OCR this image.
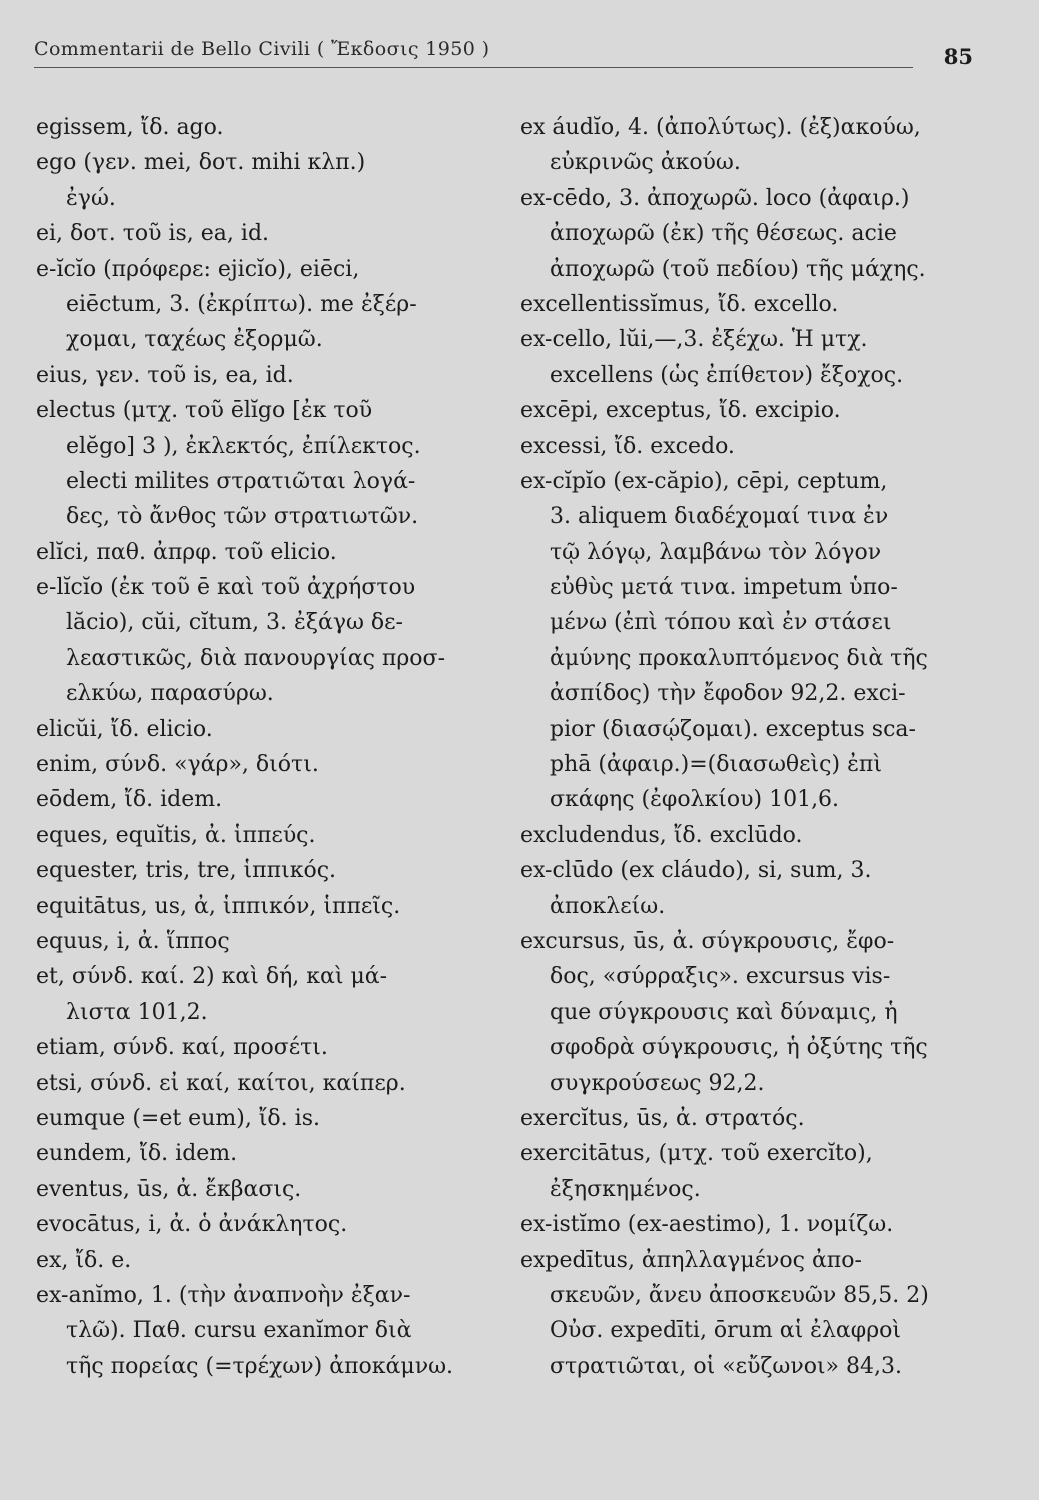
Commentarii de Bello Civili ( Ἔκδοσις 1950 )	85
egissem, ἴδ. ago.
ego (γεν. mei, δοτ. mihi κλπ.)
ἐγώ.
ei, δοτ. τοῦ is, ea, id.
e-ĭcĭo (πρόφερε: ejicĭo), eiēci,
eiēctum, 3. (ἐκρίπτω). me ἐξέρ-
χομαι, ταχέως ἐξορμῶ.
eius, γεν. τοῦ is, ea, id.
electus (μτχ. τοῦ ēlĭgo [ἐκ τοῦ
elĕgo] 3 ), ἐκλεκτός, ἐπίλεκτος.
electi milites στρατιῶται λογά-
δες, τὸ ἄνθος τῶν στρατιωτῶν.
elĭci, παθ. ἀπρφ. τοῦ elicio.
e-lĭcĭo (ἐκ τοῦ ē καὶ τοῦ ἀχρήστου
lăcio), cŭi, cĭtum, 3. ἐξάγω δε-
λεαστικῶς, διὰ πανουργίας προσ-
ελκύω, παρασύρω.
elicŭi, ἴδ. elicio.
enim, σύνδ. «γάρ», διότι.
eōdem, ἴδ. idem.
eques, equĭtis, ἀ. ἱππεύς.
equester, tris, tre, ἱππικός.
equitātus, us, ἀ, ἱππικόν, ἱππεῖς.
equus, i, ἀ. ἵππος
et, σύνδ. καί. 2) καὶ δή, καὶ μά-
λιστα 101,2.
etiam, σύνδ. καί, προσέτι.
etsi, σύνδ. εἰ καί, καίτοι, καίπερ.
eumque (=et eum), ἴδ. is.
eundem, ἴδ. idem.
eventus, ūs, ἀ. ἔκβασις.
evocātus, i, ἀ. ὁ ἀνάκλητος.
ex, ἴδ. e.
ex-anĭmo, 1. (τὴν ἀναπνοὴν ἐξαν-
τλῶ). Παθ. cursu exanĭmor διὰ
τῆς πορείας (=τρέχων) ἀποκάμνω.
ex áudĭo, 4. (ἀπολύτως). (ἐξ)ακούω,
εὐκρινῶς ἀκούω.
ex-cēdo, 3. ἀποχωρῶ. loco (ἀφαιρ.)
ἀποχωρῶ (ἐκ) τῆς θέσεως. acie
ἀποχωρῶ (τοῦ πεδίου) τῆς μάχης.
excellentissĭmus, ἴδ. excello.
ex-cello, lŭi,—,3. ἐξέχω. Ἡ μτχ.
excellens (ὡς ἐπίθετον) ἔξοχος.
excēpi, exceptus, ἴδ. excipio.
excessi, ἴδ. excedo.
ex-cĭpĭo (ex-căpio), cēpi, ceptum,
3. aliquem διαδέχομαί τινα ἐν
τῷ λόγῳ, λαμβάνω τὸν λόγον
εὐθὺς μετά τινα. impetum ὑπο-
μένω (ἐπὶ τόπου καὶ ἐν στάσει
ἀμύνης προκαλυπτόμενος διὰ τῆς
ἀσπίδος) τὴν ἔφοδον 92,2. exci-
pior (διασῴζομαι). exceptus sca-
phā (ἀφαιρ.)=(διασωθεὶς) ἐπὶ
σκάφης (ἐφολκίου) 101,6.
excludendus, ἴδ. exclūdo.
ex-clūdo (ex cláudo), si, sum, 3.
ἀποκλείω.
excursus, ūs, ἀ. σύγκρουσις, ἔφο-
δος, «σύρραξις». excursus vis-
que σύγκρουσις καὶ δύναμις, ἡ
σφοδρὰ σύγκρουσις, ἡ ὀξύτης τῆς
συγκρούσεως 92,2.
exercĭtus, ūs, ἀ. στρατός.
exercitātus, (μτχ. τοῦ exercĭto),
ἐξησκημένος.
ex-istĭmo (ex-aestimo), 1. νομίζω.
expedītus, ἀπηλλαγμένος ἀπο-
σκευῶν, ἄνευ ἀποσκευῶν 85,5. 2)
Οὐσ. expedīti, ōrum αἱ ἐλαφροὶ
στρατιῶται, οἱ «εὔζωνοι» 84,3.
